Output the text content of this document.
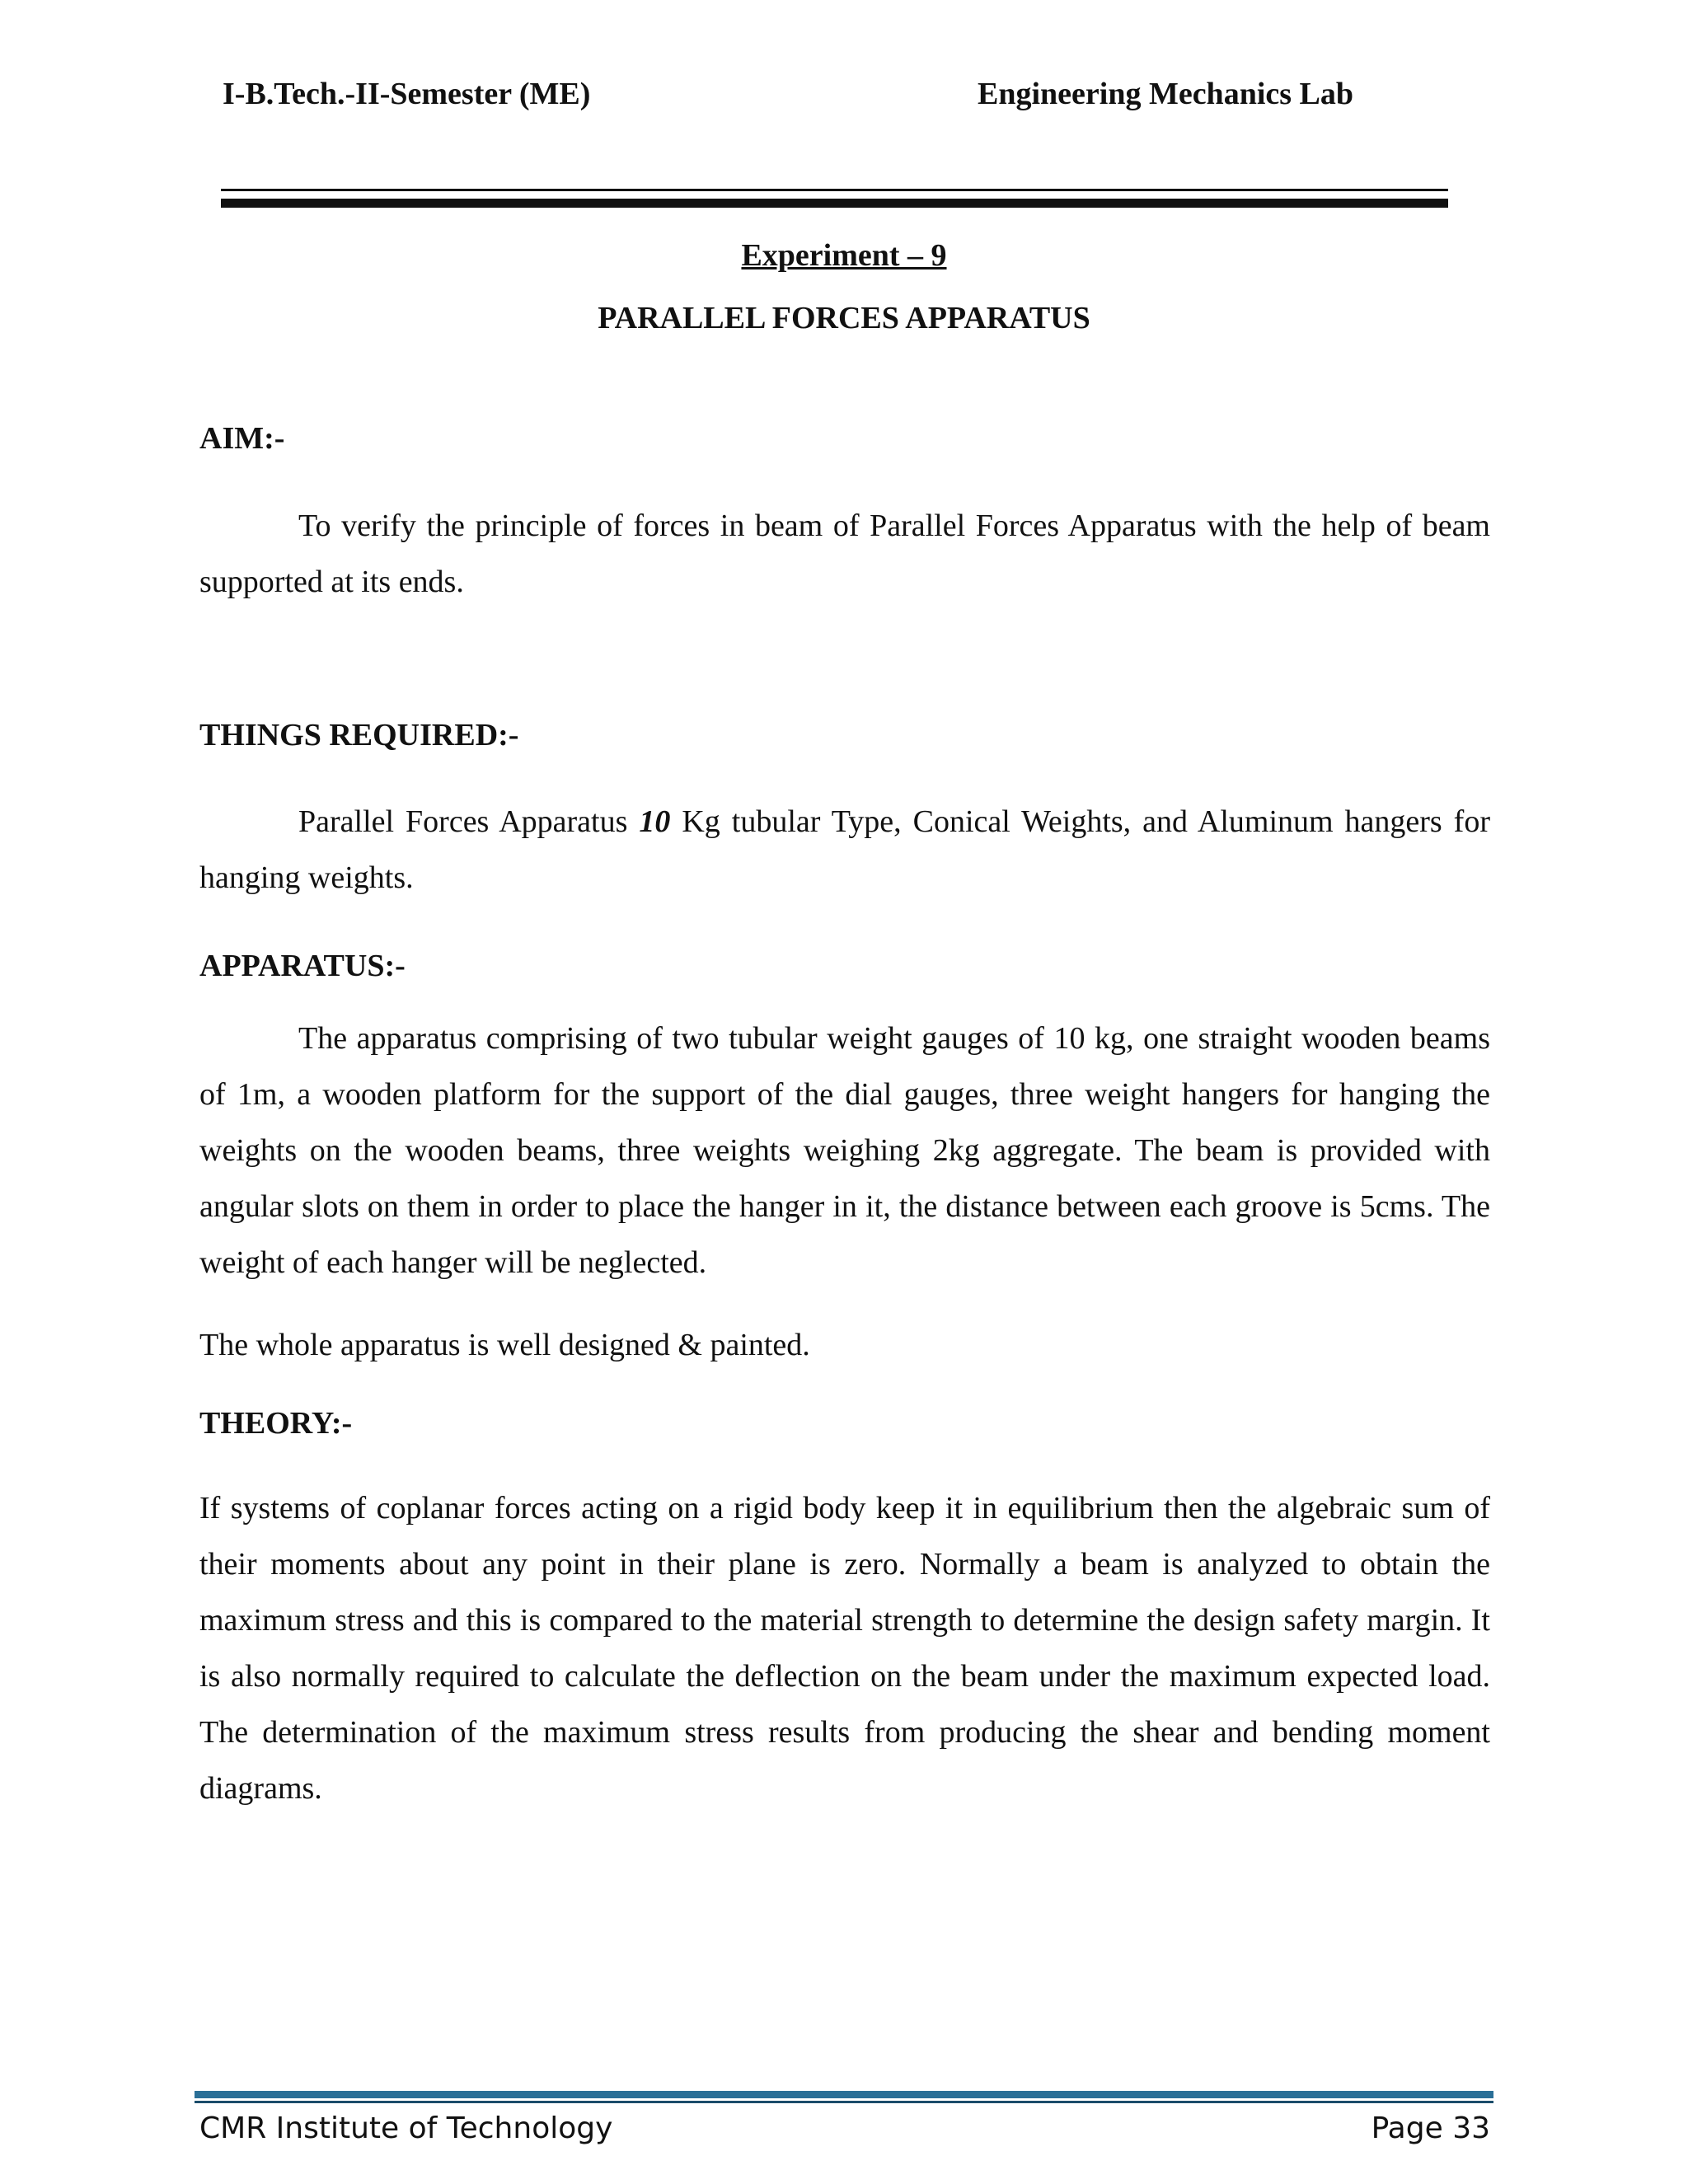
I-B.Tech.-II-Semester (ME)	Engineering Mechanics Lab
Experiment – 9
PARALLEL FORCES APPARATUS
AIM:-

To verify the principle of forces in beam of Parallel Forces Apparatus with the help of beam supported at its ends.

THINGS REQUIRED:-

Parallel Forces Apparatus 10 Kg tubular Type, Conical Weights, and Aluminum hangers for hanging weights.

APPARATUS:-

The apparatus comprising of two tubular weight gauges of 10 kg, one straight wooden beams of 1m, a wooden platform for the support of the dial gauges, three weight hangers for hanging the weights on the wooden beams, three weights weighing 2kg aggregate. The beam is provided with angular slots on them in order to place the hanger in it, the distance between each groove is 5cms. The weight of each hanger will be neglected.

The whole apparatus is well designed & painted.

THEORY:-

If systems of coplanar forces acting on a rigid body keep it in equilibrium then the algebraic sum of their moments about any point in their plane is zero. Normally a beam is analyzed to obtain the maximum stress and this is compared to the material strength to determine the design safety margin. It is also normally required to calculate the deflection on the beam under the maximum expected load. The determination of the maximum stress results from producing the shear and bending moment diagrams.

CMR Institute of Technology	Page 33
